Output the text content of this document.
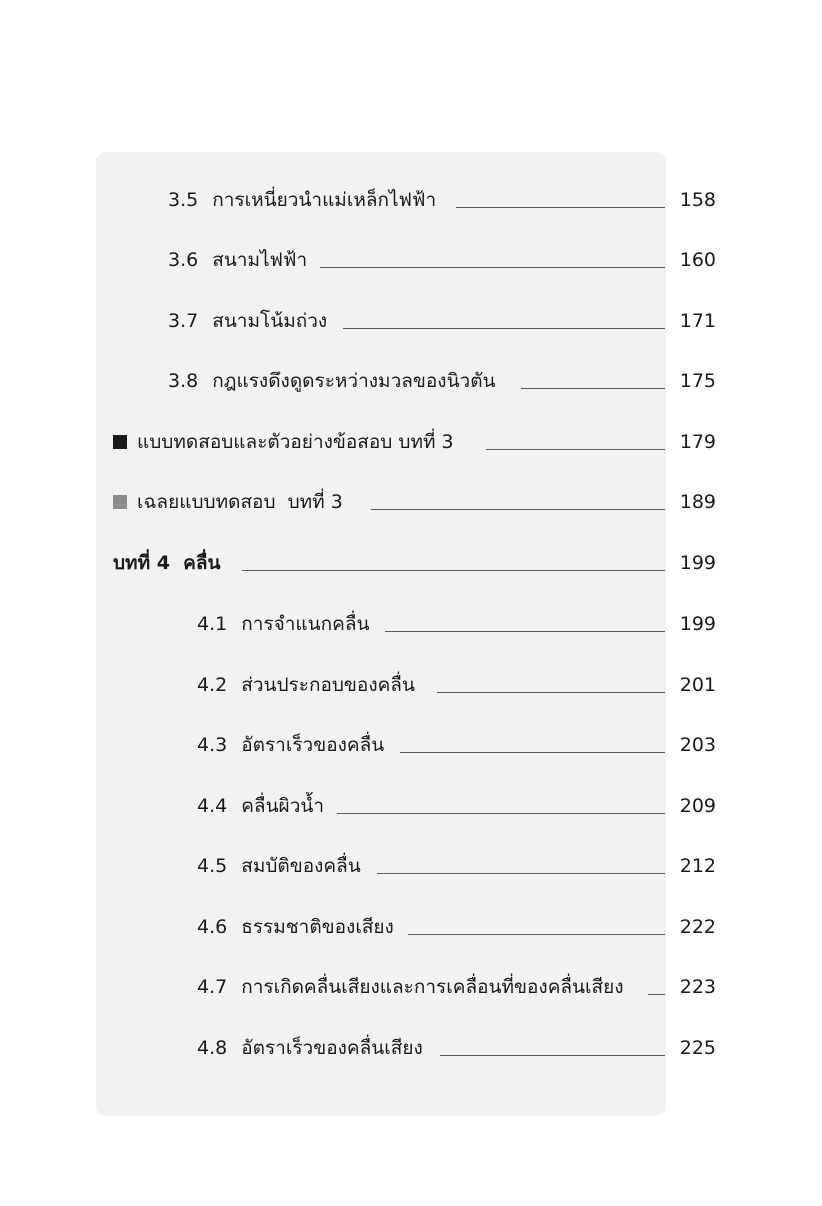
3.5 การเหนี่ยวนำแม่เหล็กไฟฟ้า	158
3.6 สนามไฟฟ้า	160
3.7 สนามโน้มถ่วง	171
3.8 กฎแรงดึงดูดระหว่างมวลของนิวตัน	175
แบบทดสอบและตัวอย่างข้อสอบ บทที่ 3	179
เฉลยแบบทดสอบ  บทที่ 3	189
บทที่ 4  คลื่น	199
4.1 การจำแนกคลื่น	199
4.2 ส่วนประกอบของคลื่น	201
4.3 อัตราเร็วของคลื่น	203
4.4 คลื่นผิวน้ำ	209
4.5 สมบัติของคลื่น	212
4.6 ธรรมชาติของเสียง	222
4.7 การเกิดคลื่นเสียงและการเคลื่อนที่ของคลื่นเสียง	223
4.8 อัตราเร็วของคลื่นเสียง	225
